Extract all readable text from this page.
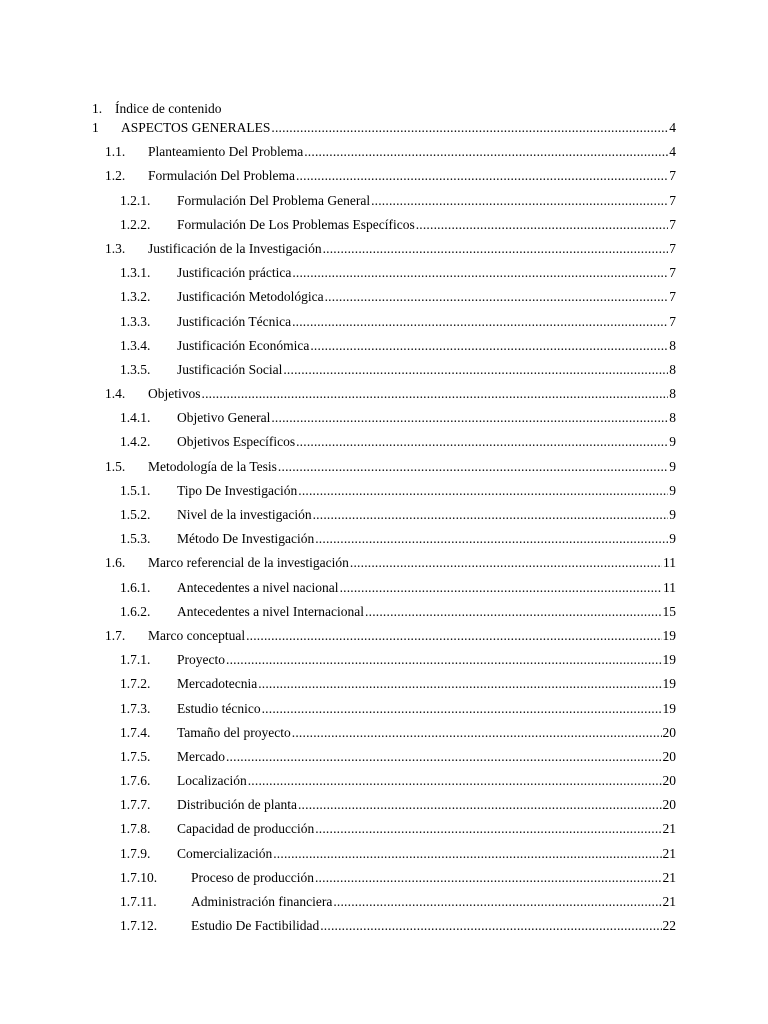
1. Índice de contenido
1 ASPECTOS GENERALES .....	4
1.1. Planteamiento Del Problema .....	4
1.2. Formulación Del Problema .....	7
1.2.1. Formulación Del Problema General .....	7
1.2.2. Formulación De Los Problemas Específicos .....	7
1.3. Justificación de la Investigación .....	7
1.3.1. Justificación práctica .....	7
1.3.2. Justificación Metodológica .....	7
1.3.3. Justificación Técnica .....	7
1.3.4. Justificación Económica .....	8
1.3.5. Justificación Social .....	8
1.4. Objetivos .....	8
1.4.1. Objetivo General .....	8
1.4.2. Objetivos Específicos .....	9
1.5. Metodología de la Tesis .....	9
1.5.1. Tipo De Investigación .....	9
1.5.2. Nivel de la investigación .....	9
1.5.3. Método De Investigación .....	9
1.6. Marco referencial de la investigación .....	11
1.6.1. Antecedentes a nivel nacional .....	11
1.6.2. Antecedentes a nivel Internacional .....	15
1.7. Marco conceptual .....	19
1.7.1. Proyecto .....	19
1.7.2. Mercadotecnia .....	19
1.7.3. Estudio técnico .....	19
1.7.4. Tamaño del proyecto .....	20
1.7.5. Mercado .....	20
1.7.6. Localización .....	20
1.7.7. Distribución de planta .....	20
1.7.8. Capacidad de producción .....	21
1.7.9. Comercialización .....	21
1.7.10.	Proceso de producción .....	21
1.7.11.	Administración financiera .....	21
1.7.12.	Estudio De Factibilidad .....	22
